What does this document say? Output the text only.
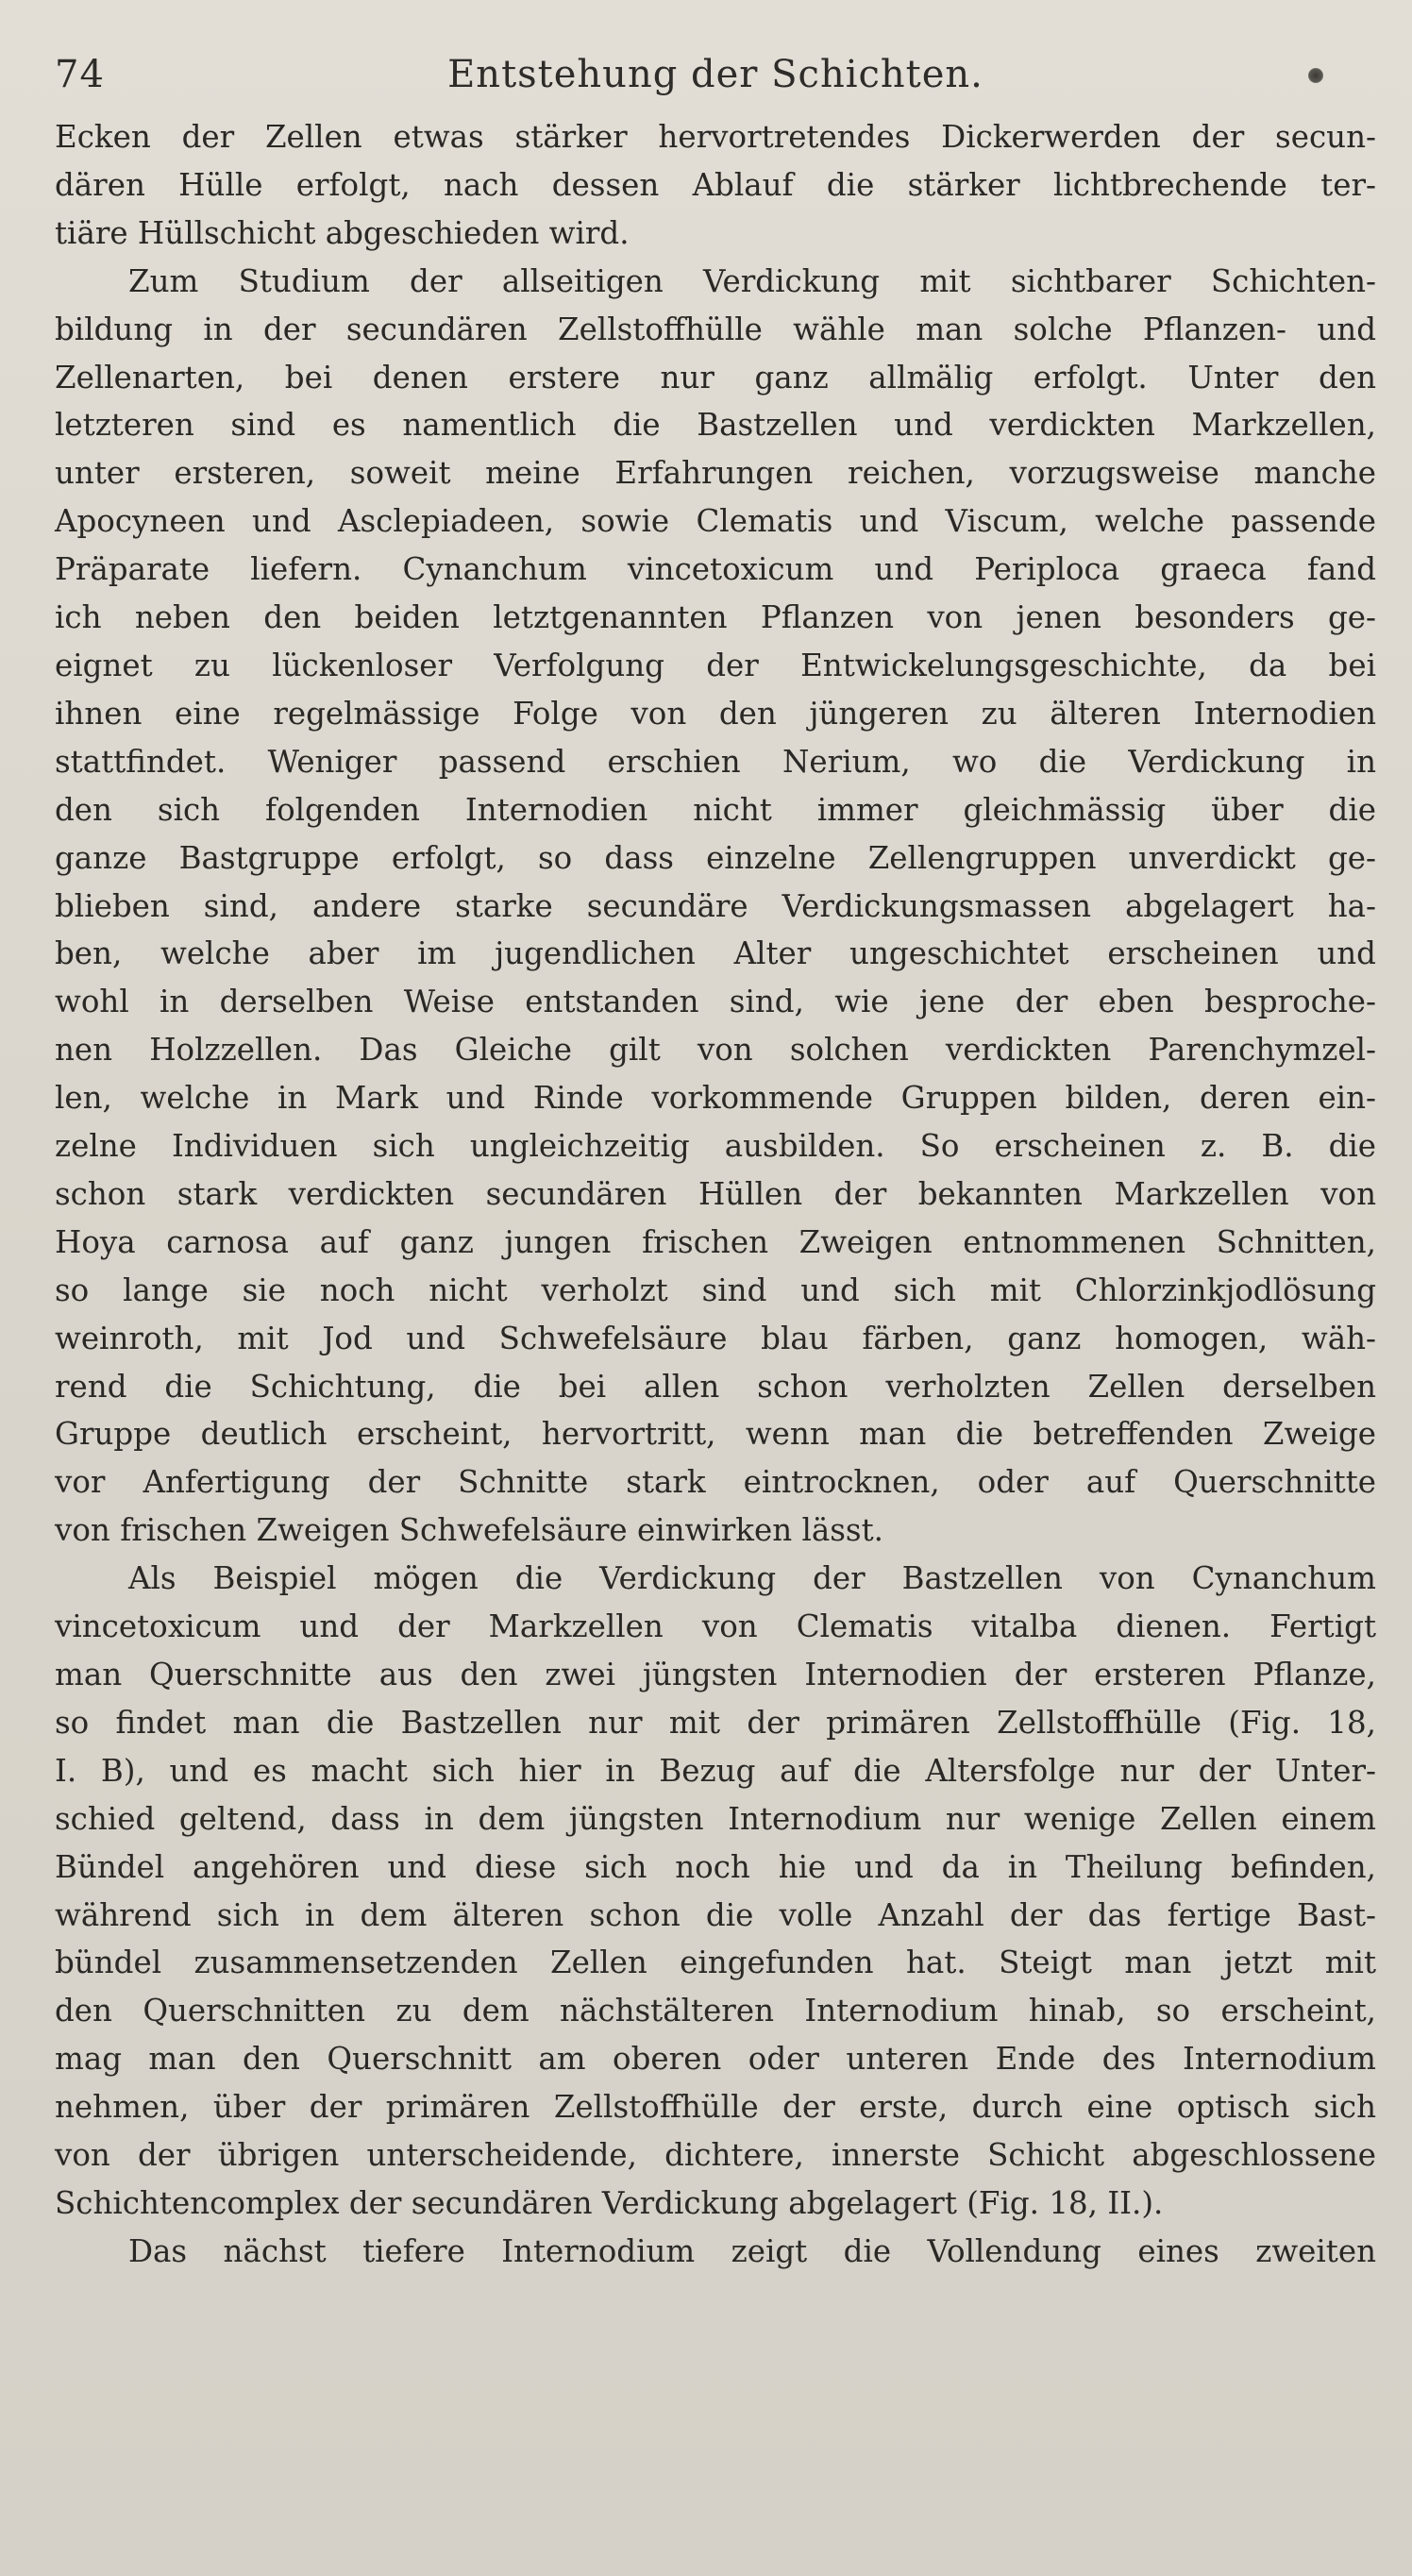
74	Entstehung der Schichten.
Ecken der Zellen etwas stärker hervortretendes Dickerwerden der secun-
dären Hülle erfolgt, nach dessen Ablauf die stärker lichtbrechende ter-
tiäre Hüllschicht abgeschieden wird.
Zum Studium der allseitigen Verdickung mit sichtbarer Schichten-
bildung in der secundären Zellstoffhülle wähle man solche Pflanzen- und
Zellenarten, bei denen erstere nur ganz allmälig erfolgt. Unter den
letzteren sind es namentlich die Bastzellen und verdickten Markzellen,
unter ersteren, soweit meine Erfahrungen reichen, vorzugsweise manche
Apocyneen und Asclepiadeen, sowie Clematis und Viscum, welche passende
Präparate liefern. Cynanchum vincetoxicum und Periploca graeca fand
ich neben den beiden letztgenannten Pflanzen von jenen besonders ge-
eignet zu lückenloser Verfolgung der Entwickelungsgeschichte, da bei
ihnen eine regelmässige Folge von den jüngeren zu älteren Internodien
stattfindet. Weniger passend erschien Nerium, wo die Verdickung in
den sich folgenden Internodien nicht immer gleichmässig über die
ganze Bastgruppe erfolgt, so dass einzelne Zellengruppen unverdickt ge-
blieben sind, andere starke secundäre Verdickungsmassen abgelagert ha-
ben, welche aber im jugendlichen Alter ungeschichtet erscheinen und
wohl in derselben Weise entstanden sind, wie jene der eben besproche-
nen Holzzellen. Das Gleiche gilt von solchen verdickten Parenchymzel-
len, welche in Mark und Rinde vorkommende Gruppen bilden, deren ein-
zelne Individuen sich ungleichzeitig ausbilden. So erscheinen z. B. die
schon stark verdickten secundären Hüllen der bekannten Markzellen von
Hoya carnosa auf ganz jungen frischen Zweigen entnommenen Schnitten,
so lange sie noch nicht verholzt sind und sich mit Chlorzinkjodlösung
weinroth, mit Jod und Schwefelsäure blau färben, ganz homogen, wäh-
rend die Schichtung, die bei allen schon verholzten Zellen derselben
Gruppe deutlich erscheint, hervortritt, wenn man die betreffenden Zweige
vor Anfertigung der Schnitte stark eintrocknen, oder auf Querschnitte
von frischen Zweigen Schwefelsäure einwirken lässt.
Als Beispiel mögen die Verdickung der Bastzellen von Cynanchum
vincetoxicum und der Markzellen von Clematis vitalba dienen. Fertigt
man Querschnitte aus den zwei jüngsten Internodien der ersteren Pflanze,
so findet man die Bastzellen nur mit der primären Zellstoffhülle (Fig. 18,
I. B), und es macht sich hier in Bezug auf die Altersfolge nur der Unter-
schied geltend, dass in dem jüngsten Internodium nur wenige Zellen einem
Bündel angehören und diese sich noch hie und da in Theilung befinden,
während sich in dem älteren schon die volle Anzahl der das fertige Bast-
bündel zusammensetzenden Zellen eingefunden hat. Steigt man jetzt mit
den Querschnitten zu dem nächstälteren Internodium hinab, so erscheint,
mag man den Querschnitt am oberen oder unteren Ende des Internodium
nehmen, über der primären Zellstoffhülle der erste, durch eine optisch sich
von der übrigen unterscheidende, dichtere, innerste Schicht abgeschlossene
Schichtencomplex der secundären Verdickung abgelagert (Fig. 18, II.).
Das nächst tiefere Internodium zeigt die Vollendung eines zweiten
